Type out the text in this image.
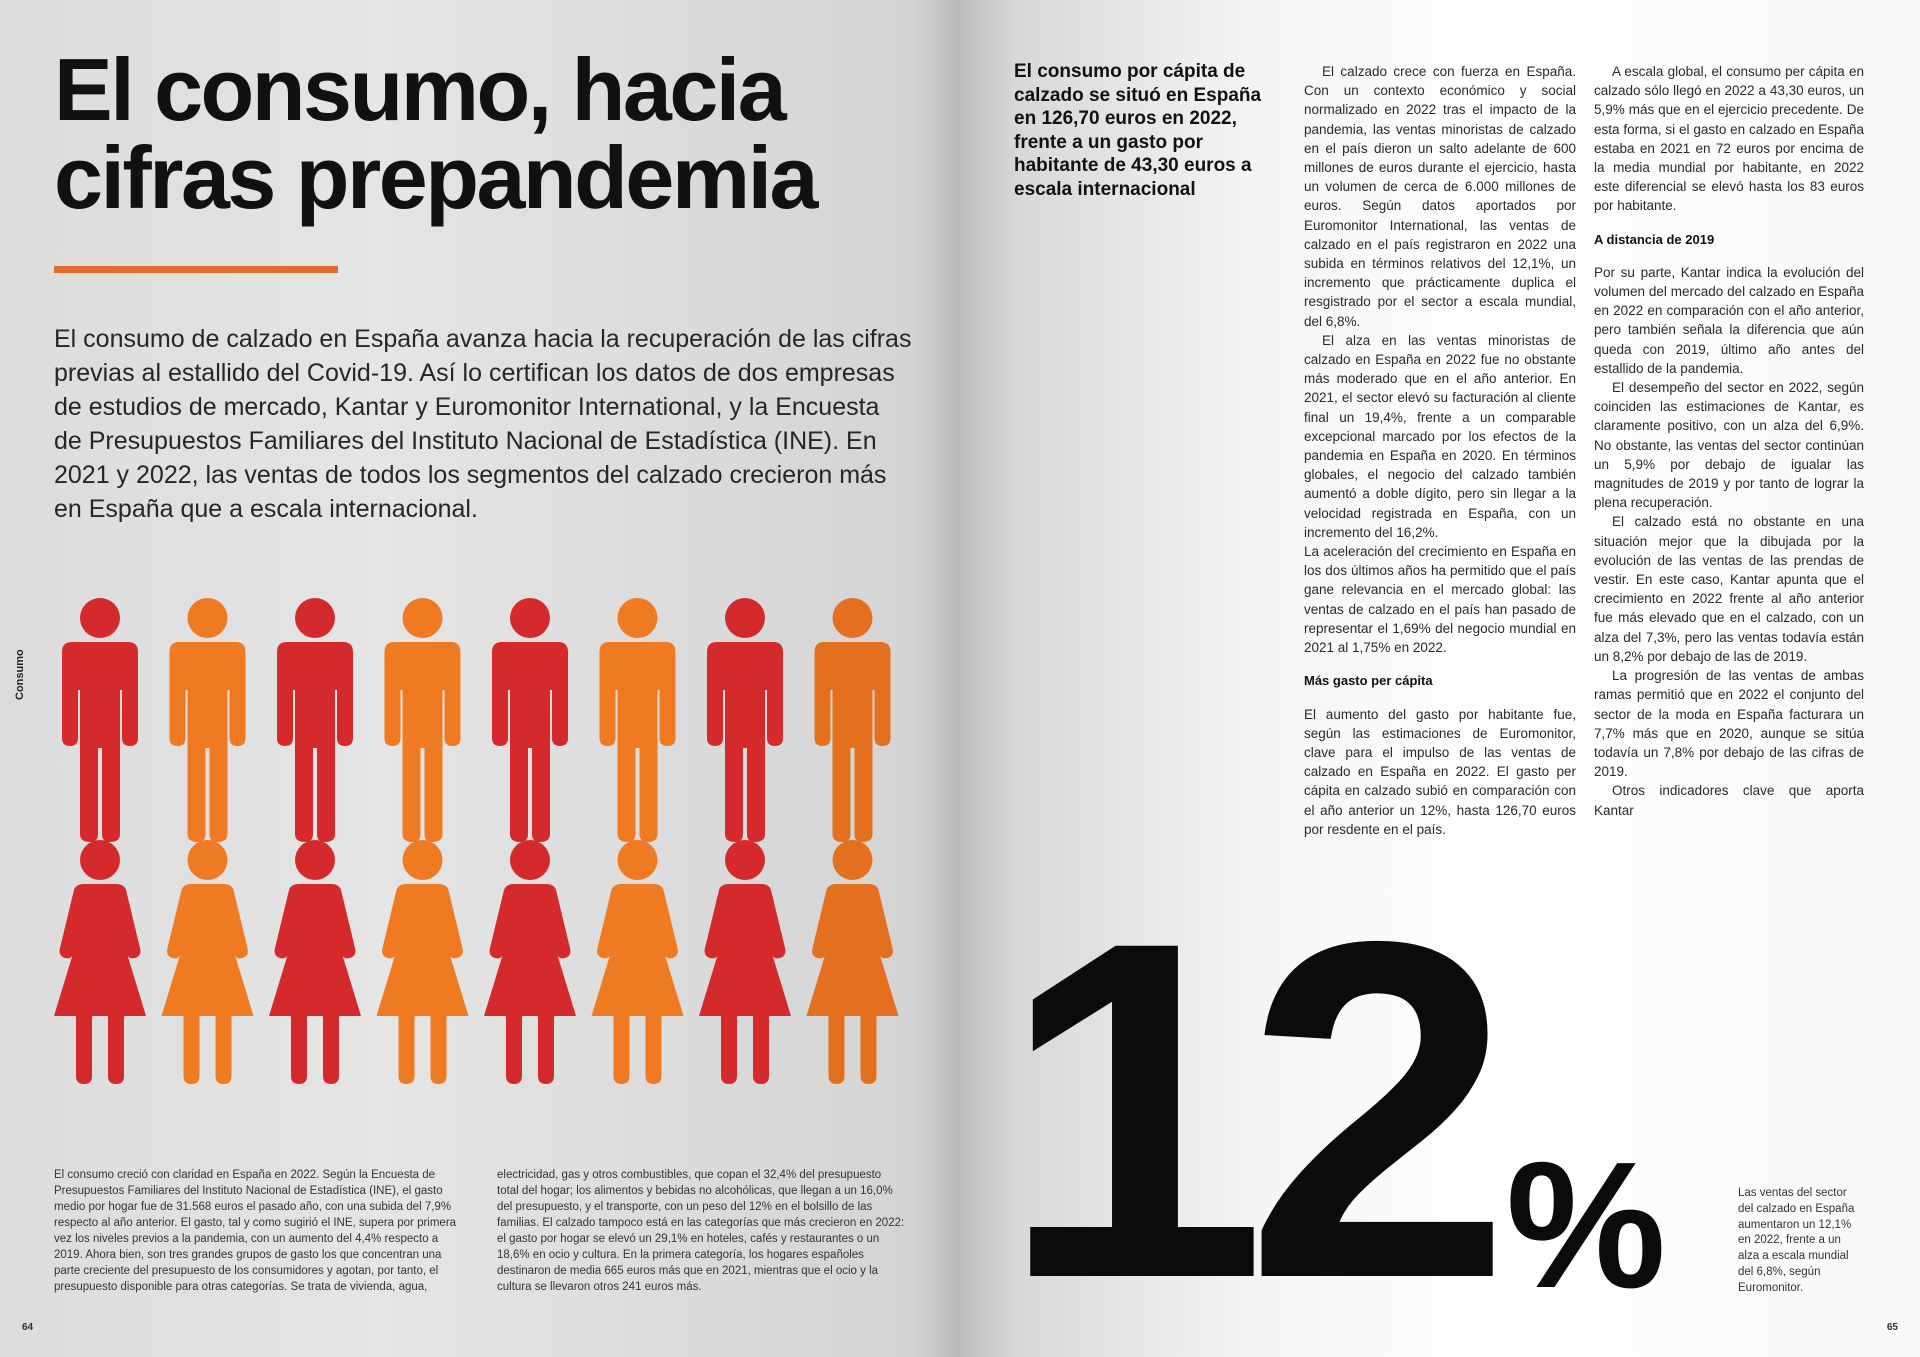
El consumo, hacia
cifras prepandemia

El consumo de calzado en España avanza hacia la recuperación de las cifras previas al estallido del Covid-19. Así lo certifican los datos de dos empresas de estudios de mercado, Kantar y Euromonitor International, y la Encuesta de Presupuestos Familiares del Instituto Nacional de Estadística (INE). En 2021 y 2022, las ventas de todos los segmentos del calzado crecieron más en España que a escala internacional.

Consumo

El consumo creció con claridad en España en 2022. Según la Encuesta de Presupuestos Familiares del Instituto Nacional de Estadística (INE), el gasto medio por hogar fue de 31.568 euros el pasado año, con una subida del 7,9% respecto al año anterior. El gasto, tal y como sugirió el INE, supera por primera vez los niveles previos a la pandemia, con un aumento del 4,4% respecto a 2019. Ahora bien, son tres grandes grupos de gasto los que concentran una parte creciente del presupuesto de los consumidores y agotan, por tanto, el presupuesto disponible para otras categorías. Se trata de vivienda, agua,

electricidad, gas y otros combustibles, que copan el 32,4% del presupuesto total del hogar; los alimentos y bebidas no alcohólicas, que llegan a un 16,0% del presupuesto, y el transporte, con un peso del 12% en el bolsillo de las familias. El calzado tampoco está en las categorías que más crecieron en 2022: el gasto por hogar se elevó un 29,1% en hoteles, cafés y restaurantes o un 18,6% en ocio y cultura. En la primera categoría, los hogares españoles destinaron de media 665 euros más que en 2021, mientras que el ocio y la cultura se llevaron otros 241 euros más.

64
El consumo por cápita de calzado se situó en España en 126,70 euros en 2022, frente a un gasto por habitante de 43,30 euros a escala internacional

El calzado crece con fuerza en España. Con un contexto económico y social normalizado en 2022 tras el impacto de la pandemia, las ventas minoristas de calzado en el país dieron un salto adelante de 600 millones de euros durante el ejercicio, hasta un volumen de cerca de 6.000 millones de euros. Según datos aportados por Euromonitor International, las ventas de calzado en el país registraron en 2022 una subida en términos relativos del 12,1%, un incremento que prácticamente duplica el resgistrado por el sector a escala mundial, del 6,8%.

El alza en las ventas minoristas de calzado en España en 2022 fue no obstante más moderado que en el año anterior. En 2021, el sector elevó su facturación al cliente final un 19,4%, frente a un comparable excepcional marcado por los efectos de la pandemia en España en 2020. En términos globales, el negocio del calzado también aumentó a doble dígito, pero sin llegar a la velocidad registrada en España, con un incremento del 16,2%.

La aceleración del crecimiento en España en los dos últimos años ha permitido que el país gane relevancia en el mercado global: las ventas de calzado en el país han pasado de representar el 1,69% del negocio mundial en 2021 al 1,75% en 2022.

Más gasto per cápita

El aumento del gasto por habitante fue, según las estimaciones de Euromonitor, clave para el impulso de las ventas de calzado en España en 2022. El gasto per cápita en calzado subió en comparación con el año anterior un 12%, hasta 126,70 euros por resdente en el país.

A escala global, el consumo per cápita en calzado sólo llegó en 2022 a 43,30 euros, un 5,9% más que en el ejercicio precedente. De esta forma, si el gasto en calzado en España estaba en 2021 en 72 euros por encima de la media mundial por habitante, en 2022 este diferencial se elevó hasta los 83 euros por habitante.

A distancia de 2019

Por su parte, Kantar indica la evolución del volumen del mercado del calzado en España en 2022 en comparación con el año anterior, pero también señala la diferencia que aún queda con 2019, último año antes del estallido de la pandemia.

El desempeño del sector en 2022, según coinciden las estimaciones de Kantar, es claramente positivo, con un alza del 6,9%. No obstante, las ventas del sector continúan un 5,9% por debajo de igualar las magnitudes de 2019 y por tanto de lograr la plena recuperación.

El calzado está no obstante en una situación mejor que la dibujada por la evolución de las ventas de las prendas de vestir. En este caso, Kantar apunta que el crecimiento en 2022 frente al año anterior fue más elevado que en el calzado, con un alza del 7,3%, pero las ventas todavía están un 8,2% por debajo de las de 2019.

La progresión de las ventas de ambas ramas permitió que en 2022 el conjunto del sector de la moda en España facturara un 7,7% más que en 2020, aunque se sitúa todavía un 7,8% por debajo de las cifras de 2019.

Otros indicadores clave que aporta Kantar

12 %	Las ventas del sector del calzado en España aumentaron un 12,1% en 2022, frente a un alza a escala mundial del 6,8%, según Euromonitor.

65
